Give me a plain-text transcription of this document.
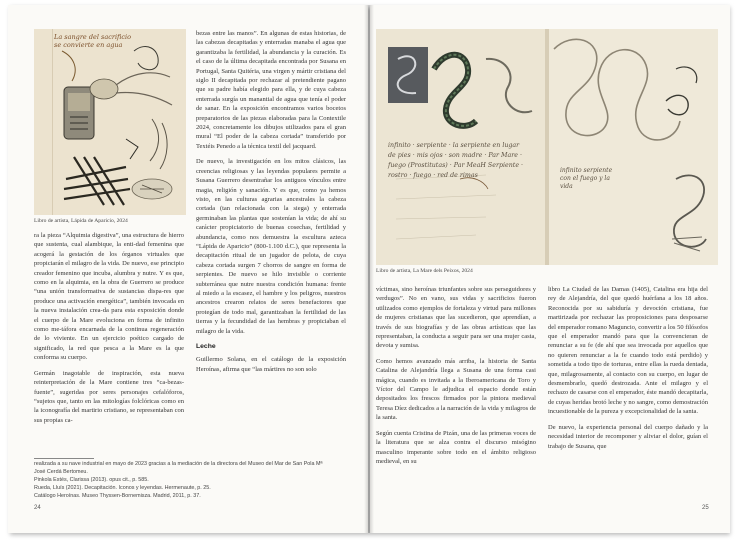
La sangre del sacrificio se convierte en agua
Libro de artista, Lápida de Aparicio, 2024

ra la pieza “Alquimia digestiva”, una estructura de hierro que sustenta, cual alambique, la enti-dad femenina que acogerá la gestación de los órganos virtuales que propiciarán el milagro de la vida. De nuevo, ese principio creador femenino que incuba, alumbra y nutre. Y es que, como en la alquimia, en la obra de Guerrero se produce “una unión transformativa de sustancias dispa-res que produce una activación energética”, también invocada en la nueva instalación crea-da para esta exposición donde el cuerpo de la Mare evoluciona en forma de infinito como me-táfora encarnada de la continua regeneración de lo viviente. En un ejercicio poético cargado de significado, la red que pesca a la Mare es la que conforma su cuerpo.

Germán inagotable de inspiración, esta nueva reinterpretación de la Mare contiene tres “ca-bezas-fuente”, sugeridas por seres personajes cefalóforos, “sujetos que, tanto en las mitologías folclóricas como en la iconografía del martirio cristiano, se representaban con sus propias ca-

bezas entre las manos”. En algunas de estas historias, de las cabezas decapitadas y enterradas manaba el agua que garantizaba la fertilidad, la abundancia y la curación. Es el caso de la última decapitada encontrada por Susana en Portugal, Santa Quitéria, una virgen y mártir cristiana del siglo II decapitada por rechazar al pretendiente pagano que su padre había elegido para ella, y de cuya cabeza enterrada surgía un manantial de agua que tenía el poder de sanar. En la exposición encontramos varios bocetos preparatorios de las piezas elaboradas para la Contextile 2024, concretamente los dibujos utilizados para el gran mural “El poder de la cabeza cortada” transferido por Textéis Penedo a la técnica textil del jacquard.

De nuevo, la investigación en los mitos clásicos, las creencias religiosas y las leyendas populares permite a Susana Guerrero desentrañar los antiguos vínculos entre magia, religión y sanación. Y es que, como ya hemos visto, en las culturas agrarias ancestrales la cabeza cortada (tan relacionada con la siega) y enterrada germinaban las plantas que sostenían la vida; de ahí su carácter propiciatorio de buenas cosechas, fertilidad y abundancia, como nos demuestra la escultura azteca “Lápida de Aparicio” (800-1.100 d.C.), que representa la decapitación ritual de un jugador de pelota, de cuya cabeza cortada surgen 7 chorros de sangre en forma de serpientes. De nuevo se hilo invisible o corriente subterránea que nutre nuestra condición humana: frente al miedo a la escasez, el hambre y los peligros, nuestros ancestros crearon relatos de seres benefactores que protegían de todo mal, garantizaban la fertilidad de las tierras y la fecundidad de las hembras y propiciaban el milagro de la vida.

Leche

Guillermo Solana, en el catálogo de la exposición Heroínas, afirma que “las mártires no son solo

realizada a su nave industrial en mayo de 2023 gracias a la mediación de la directora del Museo del Mar de San Pola Mª José Cerdá Bertomeu.
Pinkola Estés, Clarissa (2013). opus cit., p. 585.
Rueda, Lluís (2021). Decapitación. Iconos y leyendas. Hermenaute, p. 25.
Catálogo Heroínas. Museo Thyssen-Bornemisza. Madrid, 2011, p. 37.
24
infinito · serpiente · la serpiente en lugar de pies · mis ojos · son madre · Par Mare · fuego (Prostitutas) · Par MeaH Serpiente · rostro · fuego · red de rimas
infinito serpiente con el fuego y la vida
Libro de artista, La Mare dels Peixos, 2024

víctimas, sino heroínas triunfantes sobre sus perseguidores y verdugos”. No en vano, sus vidas y sacrificios fueron utilizados como ejemplos de fortaleza y virtud para millones de mujeres cristianas que las sucedieron, que aprendían, a través de sus biografías y de las obras artísticas que las representaban, la conducta a seguir para ser una mujer casta, devota y sumisa.

Como hemos avanzado más arriba, la historia de Santa Catalina de Alejandría llega a Susana de una forma casi mágica, cuando es invitada a la Iberoamericana de Toro y Víctor del Campo le adjudica el espacio donde están depositados los frescos firmados por la pintora medieval Teresa Díez dedicados a la narración de la vida y milagros de la santa.

Según cuenta Cristina de Pizán, una de las primeras voces de la literatura que se alza contra el discurso misógino masculino imperante sobre todo en el ámbito religioso medieval, en su

libro La Ciudad de las Damas (1405), Catalina era hija del rey de Alejandría, del que quedó huérfana a los 18 años. Reconocida por su sabiduría y devoción cristiana, fue martirizada por rechazar las proposiciones para desposarse del emperador romano Maguncio, convertir a los 50 filósofos que el emperador mandó para que la convencieran de renunciar a su fe (de ahí que sea invocada por aquellos que no quieren renunciar a la fe cuando todo está perdido) y sometida a todo tipo de torturas, entre ellas la rueda dentada, que, milagrosamente, al contacto con su cuerpo, en lugar de desmembrarlo, quedó destrozada. Ante el milagro y el rechazo de casarse con el emperador, éste mandó decapitarla, de cuyas heridas brotó leche y no sangre, como demostración incuestionable de la pureza y excepcionalidad de la santa.

De nuevo, la experiencia personal del cuerpo dañado y la necesidad interior de recomponer y aliviar el dolor, guían el trabajo de Susana, que

25
